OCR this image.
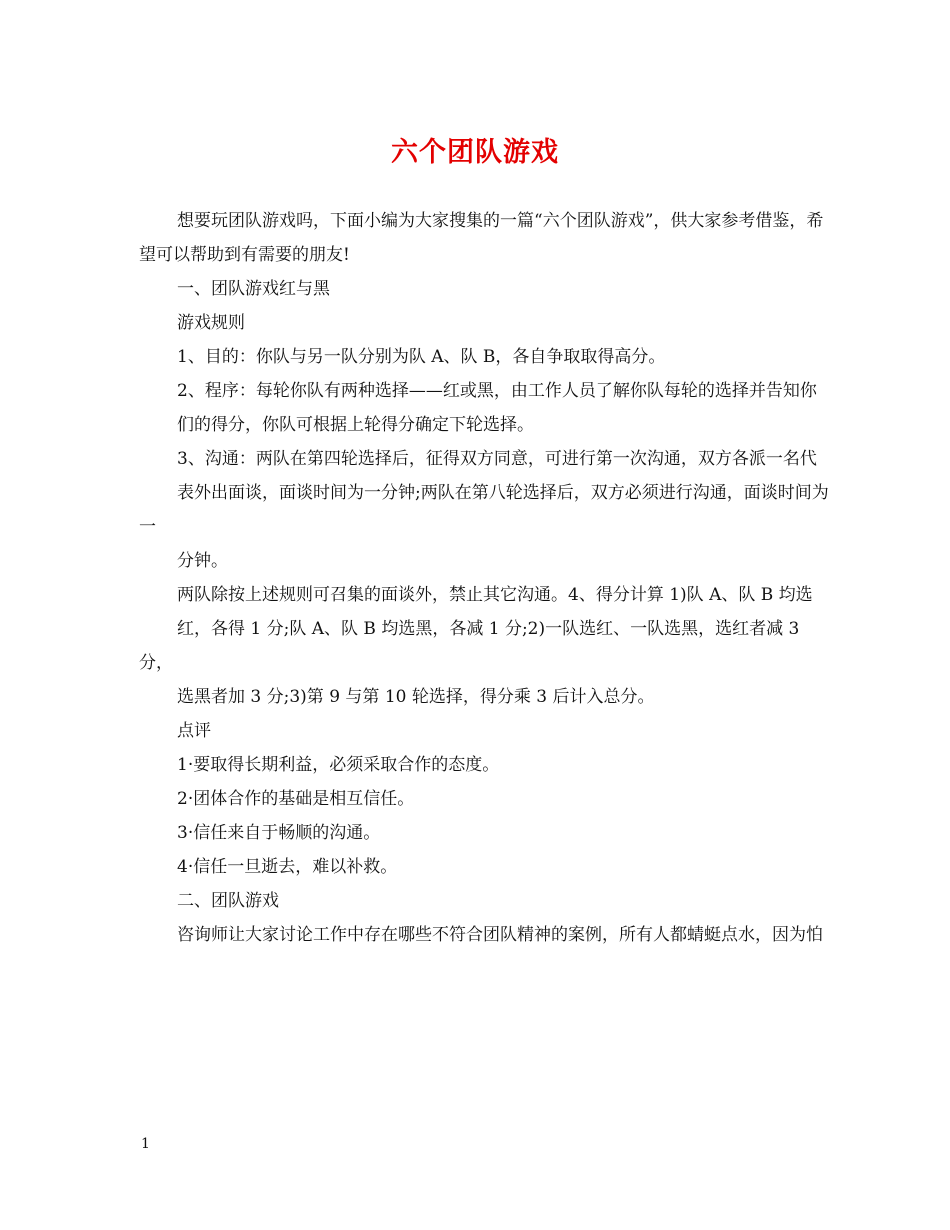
六个团队游戏

想要玩团队游戏吗，下面小编为大家搜集的一篇“六个团队游戏”，供大家参考借鉴，希望可以帮助到有需要的朋友!

一、团队游戏红与黑

游戏规则

1、目的：你队与另一队分别为队 A、队 B，各自争取取得高分。

2、程序：每轮你队有两种选择——红或黑，由工作人员了解你队每轮的选择并告知你

们的得分，你队可根据上轮得分确定下轮选择。

3、沟通：两队在第四轮选择后，征得双方同意，可进行第一次沟通，双方各派一名代

表外出面谈，面谈时间为一分钟;两队在第八轮选择后，双方必须进行沟通，面谈时间为一

分钟。

两队除按上述规则可召集的面谈外，禁止其它沟通。4、得分计算 1)队 A、队 B 均选

红，各得 1 分;队 A、队 B 均选黑，各减 1 分;2)一队选红、一队选黑，选红者减 3 分，

选黑者加 3 分;3)第 9 与第 10 轮选择，得分乘 3 后计入总分。

点评

1·要取得长期利益，必须采取合作的态度。

2·团体合作的基础是相互信任。

3·信任来自于畅顺的沟通。

4·信任一旦逝去，难以补救。

二、团队游戏

咨询师让大家讨论工作中存在哪些不符合团队精神的案例，所有人都蜻蜓点水，因为怕

1
